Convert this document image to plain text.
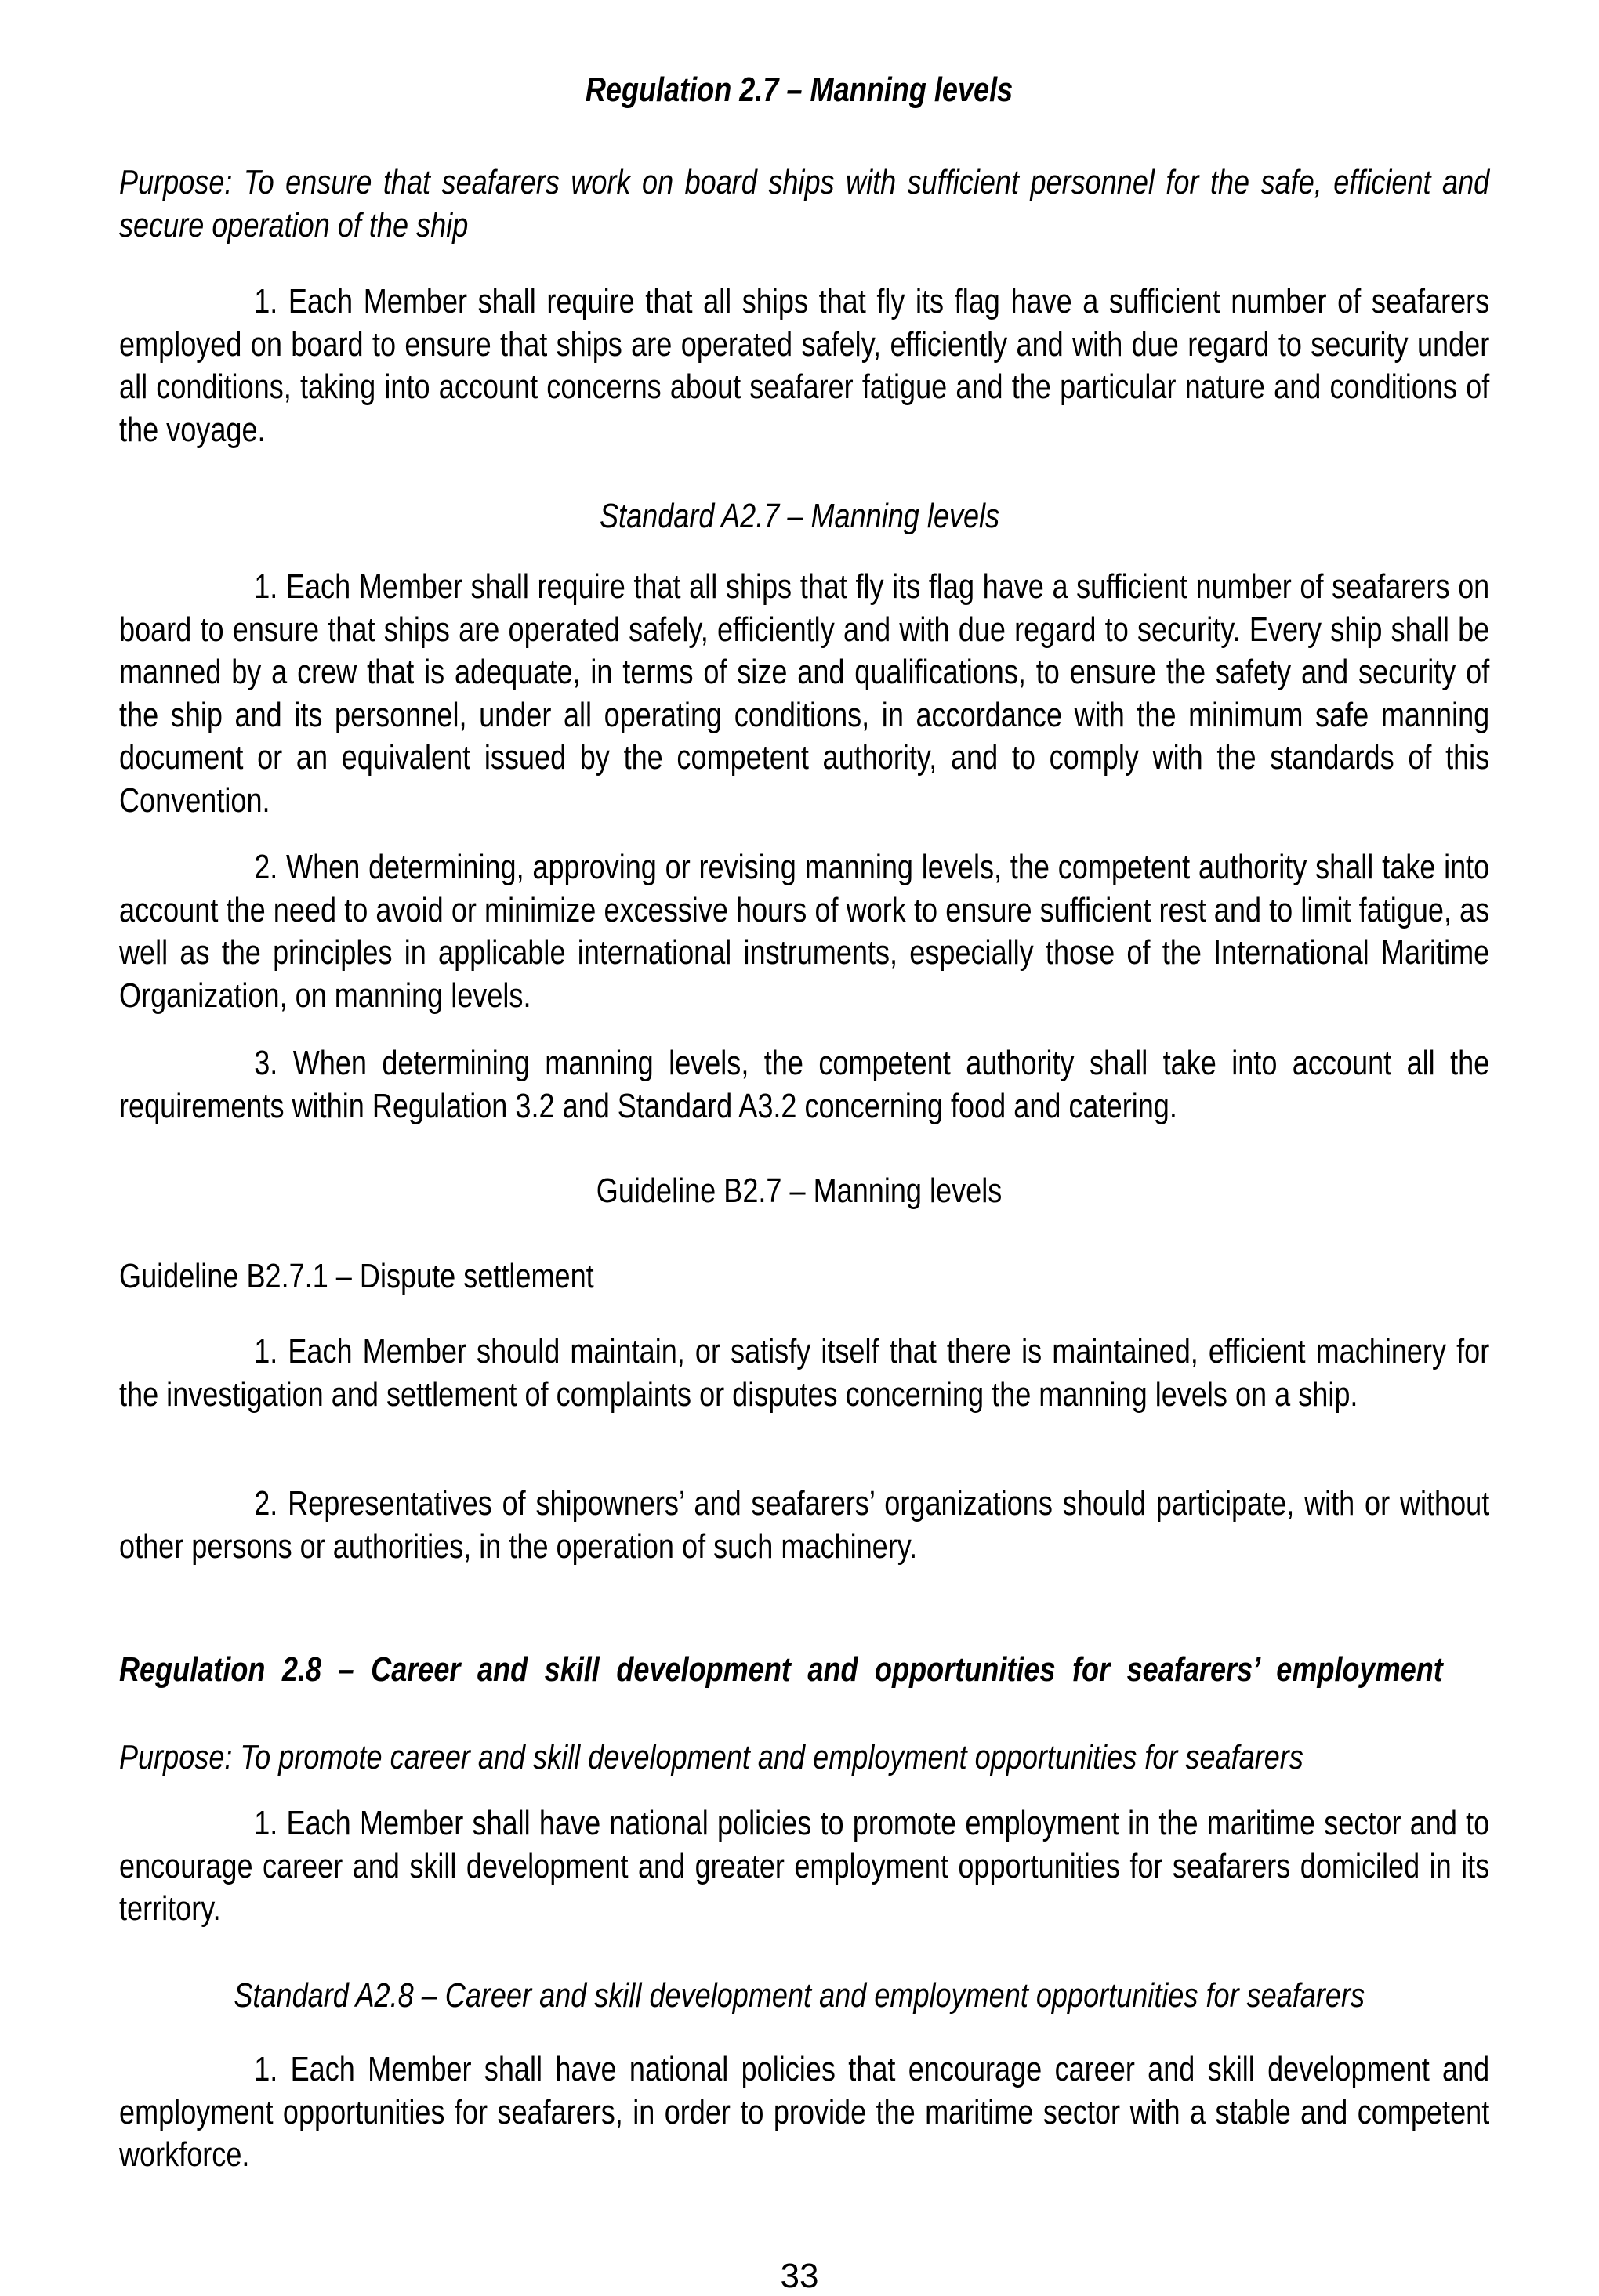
Regulation 2.7 – Manning levels
Purpose: To ensure that seafarers work on board ships with sufficient personnel for the safe, efficient and secure operation of the ship
1. Each Member shall require that all ships that fly its flag have a sufficient number of seafarers employed on board to ensure that ships are operated safely, efficiently and with due regard to security under all conditions, taking into account concerns about seafarer fatigue and the particular nature and conditions of the voyage.
Standard A2.7 – Manning levels
1. Each Member shall require that all ships that fly its flag have a sufficient number of seafarers on board to ensure that ships are operated safely, efficiently and with due regard to security. Every ship shall be manned by a crew that is adequate, in terms of size and qualifications, to ensure the safety and security of the ship and its personnel, under all operating conditions, in accordance with the minimum safe manning document or an equivalent issued by the competent authority, and to comply with the standards of this Convention.
2. When determining, approving or revising manning levels, the competent authority shall take into account the need to avoid or minimize excessive hours of work to ensure sufficient rest and to limit fatigue, as well as the principles in applicable international instruments, especially those of the International Maritime Organization, on manning levels.
3. When determining manning levels, the competent authority shall take into account all the requirements within Regulation 3.2 and Standard A3.2 concerning food and catering.
Guideline B2.7 – Manning levels
Guideline B2.7.1 – Dispute settlement
1. Each Member should maintain, or satisfy itself that there is maintained, efficient machinery for the investigation and settlement of complaints or disputes concerning the manning levels on a ship.
2. Representatives of shipowners’ and seafarers’ organizations should participate, with or without other persons or authorities, in the operation of such machinery.
Regulation 2.8 – Career and skill development and opportunities for seafarers’ employment
Purpose: To promote career and skill development and employment opportunities for seafarers
1. Each Member shall have national policies to promote employment in the maritime sector and to encourage career and skill development and greater employment opportunities for seafarers domiciled in its territory.
Standard A2.8 – Career and skill development and employment opportunities for seafarers
1. Each Member shall have national policies that encourage career and skill development and employment opportunities for seafarers, in order to provide the maritime sector with a stable and competent workforce.
33
